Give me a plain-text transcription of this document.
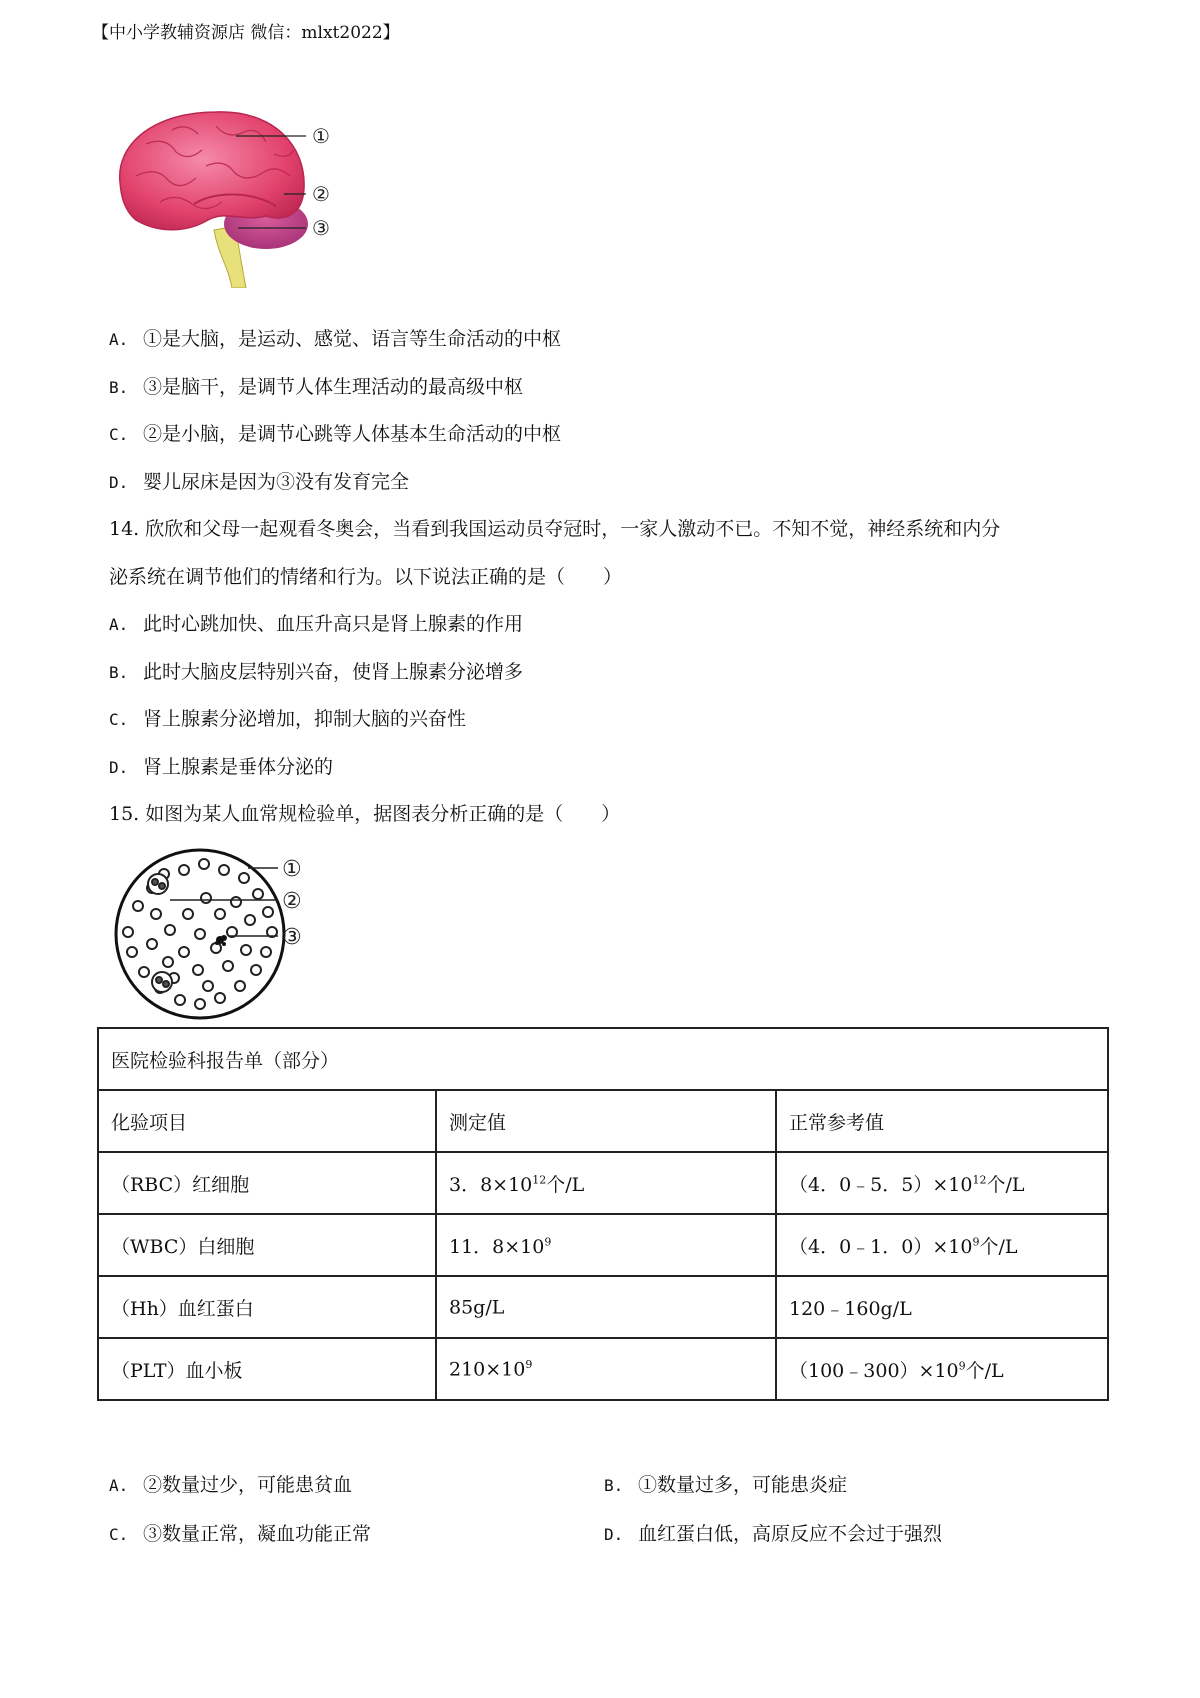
【中小学教辅资源店 微信：mlxt2022】
①
②
③
A. ①是大脑，是运动、感觉、语言等生命活动的中枢
B. ③是脑干，是调节人体生理活动的最高级中枢
C. ②是小脑，是调节心跳等人体基本生命活动的中枢
D. 婴儿尿床是因为③没有发育完全
14. 欣欣和父母一起观看冬奥会，当看到我国运动员夺冠时，一家人激动不已。不知不觉，神经系统和内分
泌系统在调节他们的情绪和行为。以下说法正确的是（　　）
A. 此时心跳加快、血压升高只是肾上腺素的作用
B. 此时大脑皮层特别兴奋，使肾上腺素分泌增多
C. 肾上腺素分泌增加，抑制大脑的兴奋性
D. 肾上腺素是垂体分泌的
15. 如图为某人血常规检验单，据图表分析正确的是（　　）
①
②
③
医院检验科报告单（部分）		
化验项目	测定值	正常参考值
（RBC）红细胞	3．$8\times 10^{12}$个/L	（4．0﹣5．$5)\times 10^{12}$个/L
（WBC）白细胞	11．$8\times 10^9$	（4．0﹣1．$0)\times 10^9$个/L
（Hh）血红蛋白	85g/L	120﹣160g/L
（PLT）血小板	$210\times 10^9$	$(100﹣300)\times 10^9$个/L
A. ②数量过少，可能患贫血	B. ①数量过多，可能患炎症
C. ③数量正常，凝血功能正常	D. 血红蛋白低，高原反应不会过于强烈
